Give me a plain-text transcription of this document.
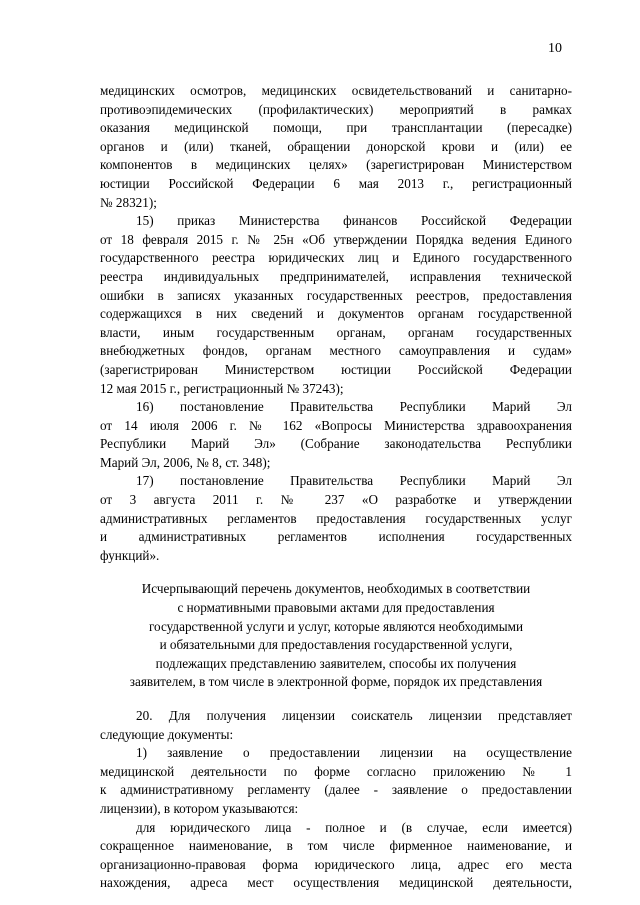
10
медицинских осмотров, медицинских освидетельствований и санитарно-
противоэпидемических (профилактических) мероприятий в рамках
оказания медицинской помощи, при трансплантации (пересадке)
органов и (или) тканей, обращении донорской крови и (или) ее
компонентов в медицинских целях» (зарегистрирован Министерством
юстиции Российской Федерации 6 мая 2013 г., регистрационный
№ 28321);
15) приказ Министерства финансов Российской Федерации
от 18 февраля 2015 г. № 25н «Об утверждении Порядка ведения Единого
государственного реестра юридических лиц и Единого государственного
реестра индивидуальных предпринимателей, исправления технической
ошибки в записях указанных государственных реестров, предоставления
содержащихся в них сведений и документов органам государственной
власти, иным государственным органам, органам государственных
внебюджетных фондов, органам местного самоуправления и судам»
(зарегистрирован Министерством юстиции Российской Федерации
12 мая 2015 г., регистрационный № 37243);
16) постановление Правительства Республики Марий Эл
от 14 июля 2006 г. № 162 «Вопросы Министерства здравоохранения
Республики Марий Эл» (Собрание законодательства Республики
Марий Эл, 2006, № 8, ст. 348);
17) постановление Правительства Республики Марий Эл
от 3 августа 2011 г. № 237 «О разработке и утверждении
административных регламентов предоставления государственных услуг
и административных регламентов исполнения государственных
функций».
Исчерпывающий перечень документов, необходимых в соответствии
с нормативными правовыми актами для предоставления
государственной услуги и услуг, которые являются необходимыми
и обязательными для предоставления государственной услуги,
подлежащих представлению заявителем, способы их получения
заявителем, в том числе в электронной форме, порядок их представления
20. Для получения лицензии соискатель лицензии представляет
следующие документы:
1) заявление о предоставлении лицензии на осуществление
медицинской деятельности по форме согласно приложению № 1
к административному регламенту (далее - заявление о предоставлении
лицензии), в котором указываются:
для юридического лица - полное и (в случае, если имеется)
сокращенное наименование, в том числе фирменное наименование, и
организационно-правовая форма юридического лица, адрес его места
нахождения, адреса мест осуществления медицинской деятельности,
